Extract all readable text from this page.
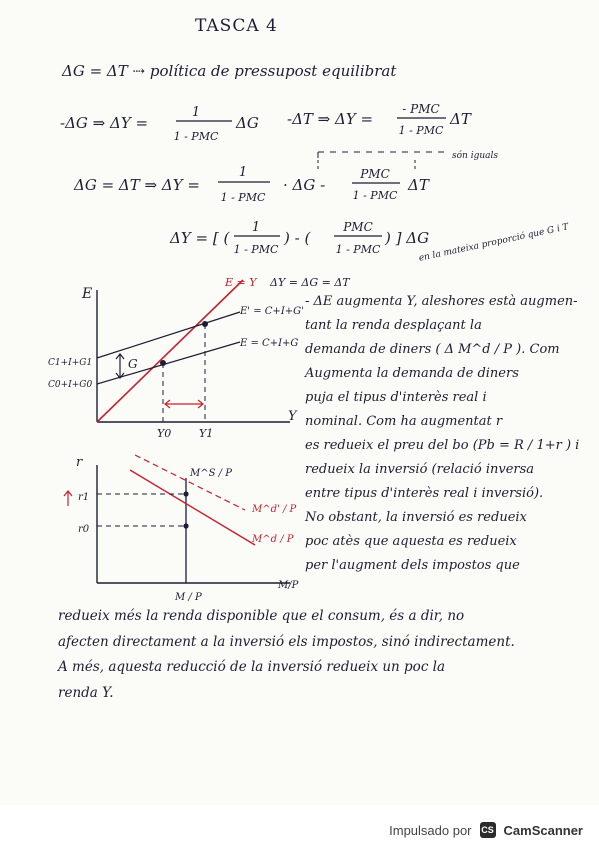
TASCA 4
ΔG = ΔT ⇢ política de pressupost equilibrat
-ΔG ⇒ ΔY =
1
1 - PMC
ΔG -ΔT ⇒ ΔY =
- PMC
1 - PMC
ΔT
són iguals
ΔG = ΔT ⇒ ΔY =
1
1 - PMC
· ΔG -
PMC
1 - PMC
ΔT
ΔY = [ (
1
1 - PMC
) - (
PMC
1 - PMC
) ] ΔG
en la mateixa proporció que G i T
E
Y
G
E = Y ΔY = ΔG = ΔT
E' = C+I+G'
E = C+I+G
C1+I+G1
C0+I+G0
Y0	Y1
r
M/P
r1
r0
M^S / P
M^d' / P
M^d / P
M / P
- ΔE augmenta Y, aleshores està augmen-
tant la renda desplaçant la
demanda de diners ( Δ M^d / P ). Com
Augmenta la demanda de diners
puja el tipus d'interès real i
nominal. Com ha augmentat r
es redueix el preu del bo (Pb = R / 1+r ) i
redueix la inversió (relació inversa
entre tipus d'interès real i inversió).
No obstant, la inversió es redueix
poc atès que aquesta es redueix
per l'augment dels impostos que
redueix més la renda disponible que el consum, és a dir, no
afecten directament a la inversió els impostos, sinó indirectament.
A més, aquesta reducció de la inversió redueix un poc la
renda Y.
Impulsado por CS CamScanner
